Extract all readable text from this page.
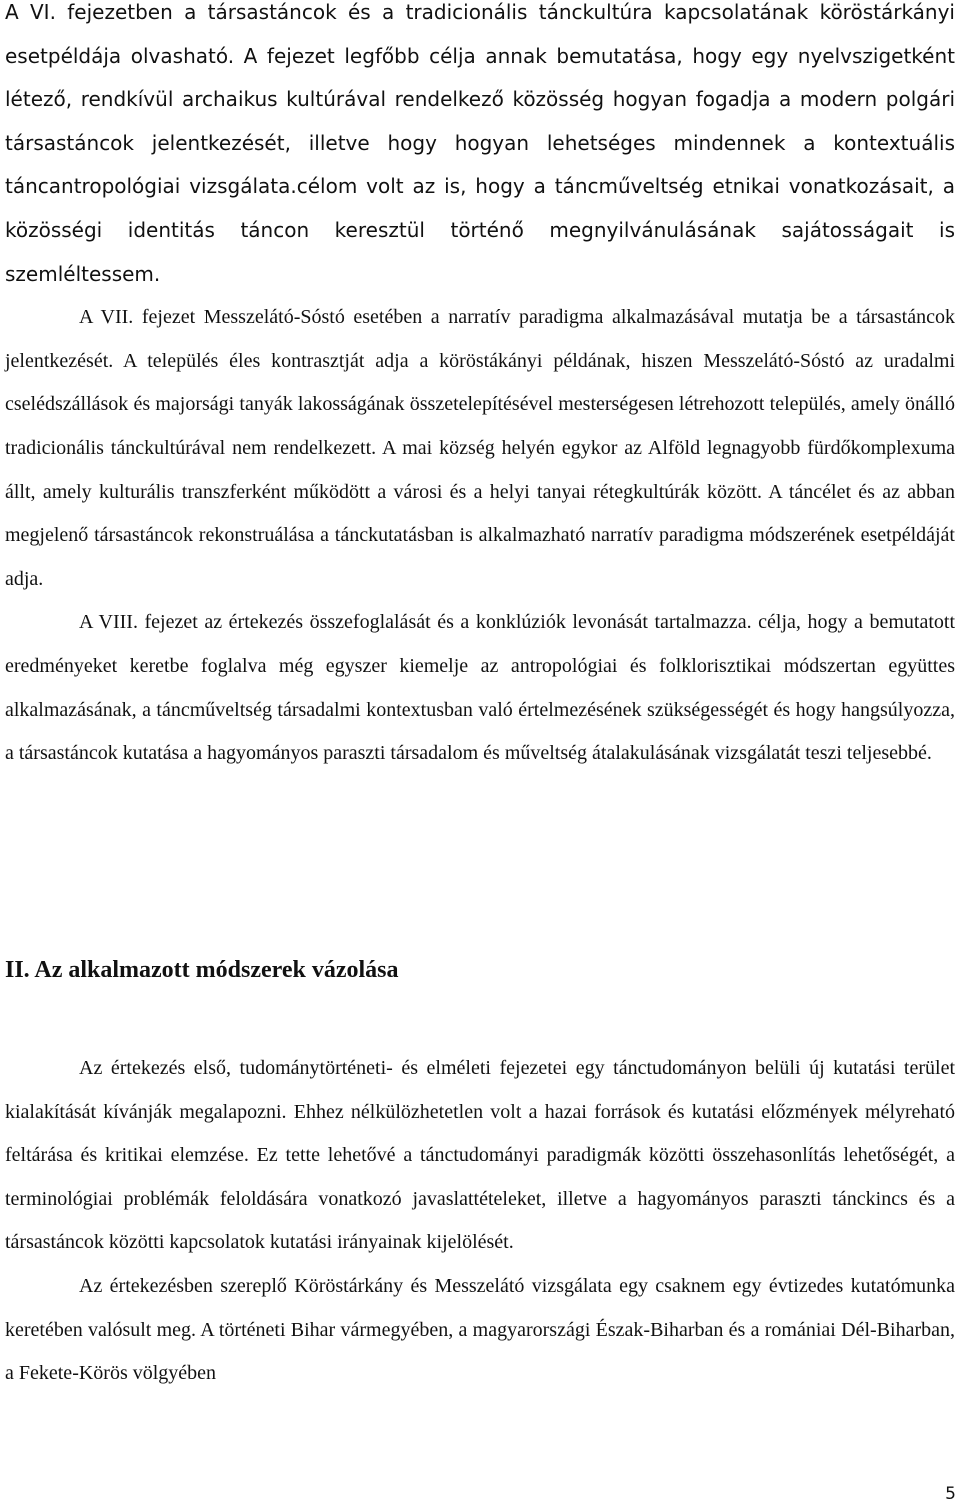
A VI. fejezetben a társastáncok és a tradicionális tánckultúra kapcsolatának köröstárkányi esetpéldája olvasható. A fejezet legfőbb célja annak bemutatása, hogy egy nyelvszigetként létező, rendkívül archaikus kultúrával rendelkező közösség hogyan fogadja a modern polgári társastáncok jelentkezését, illetve hogy hogyan lehetséges mindennek a kontextuális táncantropológiai vizsgálata.célom volt az is, hogy a táncműveltség etnikai vonatkozásait, a közösségi identitás táncon keresztül történő megnyilvánulásának sajátosságait is szemléltessem.

A VII. fejezet Messzelátó-Sóstó esetében a narratív paradigma alkalmazásával mutatja be a társastáncok jelentkezését. A település éles kontrasztját adja a köröstákányi példának, hiszen Messzelátó-Sóstó az uradalmi cselédszállások és majorsági tanyák lakosságának összetelepítésével mesterségesen létrehozott település, amely önálló tradicionális tánckultúrával nem rendelkezett. A mai község helyén egykor az Alföld legnagyobb fürdőkomplexuma állt, amely kulturális transzferként működött a városi és a helyi tanyai rétegkultúrák között. A táncélet és az abban megjelenő társastáncok rekonstruálása a tánckutatásban is alkalmazható narratív paradigma módszerének esetpéldáját adja.

A VIII. fejezet az értekezés összefoglalását és a konklúziók levonását tartalmazza. célja, hogy a bemutatott eredményeket keretbe foglalva még egyszer kiemelje az antropológiai és folklorisztikai módszertan együttes alkalmazásának, a táncműveltség társadalmi kontextusban való értelmezésének szükségességét és hogy hangsúlyozza, a társastáncok kutatása a hagyományos paraszti társadalom és műveltség átalakulásának vizsgálatát teszi teljesebbé.

II. Az alkalmazott módszerek vázolása

Az értekezés első, tudománytörténeti- és elméleti fejezetei egy tánctudományon belüli új kutatási terület kialakítását kívánják megalapozni. Ehhez nélkülözhetetlen volt a hazai források és kutatási előzmények mélyreható feltárása és kritikai elemzése. Ez tette lehetővé a tánctudományi paradigmák közötti összehasonlítás lehetőségét, a terminológiai problémák feloldására vonatkozó javaslattételeket, illetve a hagyományos paraszti tánckincs és a társastáncok közötti kapcsolatok kutatási irányainak kijelölését.

Az értekezésben szereplő Köröstárkány és Messzelátó vizsgálata egy csaknem egy évtizedes kutatómunka keretében valósult meg. A történeti Bihar vármegyében, a magyarországi Észak-Biharban és a romániai Dél-Biharban, a Fekete-Körös völgyében

5
